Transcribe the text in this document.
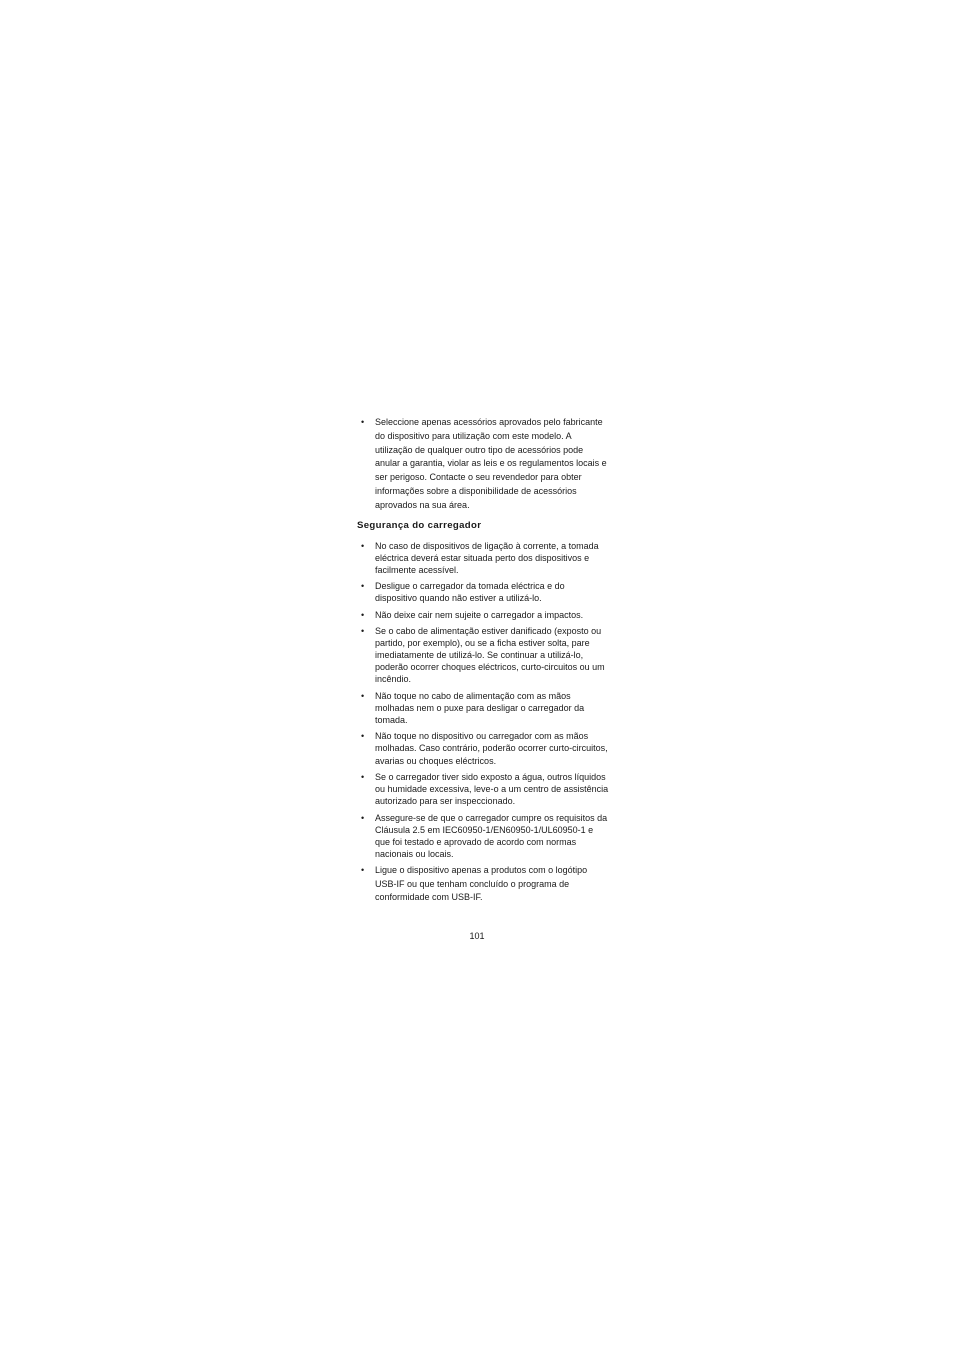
• Seleccione apenas acessórios aprovados pelo fabricante do dispositivo para utilização com este modelo. A utilização de qualquer outro tipo de acessórios pode anular a garantia, violar as leis e os regulamentos locais e ser perigoso. Contacte o seu revendedor para obter informações sobre a disponibilidade de acessórios aprovados na sua área.
Segurança do carregador
• No caso de dispositivos de ligação à corrente, a tomada eléctrica deverá estar situada perto dos dispositivos e facilmente acessível.
• Desligue o carregador da tomada eléctrica e do dispositivo quando não estiver a utilizá-lo.
• Não deixe cair nem sujeite o carregador a impactos.
• Se o cabo de alimentação estiver danificado (exposto ou partido, por exemplo), ou se a ficha estiver solta, pare imediatamente de utilizá-lo. Se continuar a utilizá-lo, poderão ocorrer choques eléctricos, curto-circuitos ou um incêndio.
• Não toque no cabo de alimentação com as mãos molhadas nem o puxe para desligar o carregador da tomada.
• Não toque no dispositivo ou carregador com as mãos molhadas. Caso contrário, poderão ocorrer curto-circuitos, avarias ou choques eléctricos.
• Se o carregador tiver sido exposto a água, outros líquidos ou humidade excessiva, leve-o a um centro de assistência autorizado para ser inspeccionado.
• Assegure-se de que o carregador cumpre os requisitos da Cláusula 2.5 em IEC60950-1/EN60950-1/UL60950-1 e que foi testado e aprovado de acordo com normas nacionais ou locais.
• Ligue o dispositivo apenas a produtos com o logótipo USB-IF ou que tenham concluído o programa de conformidade com USB-IF.
101
